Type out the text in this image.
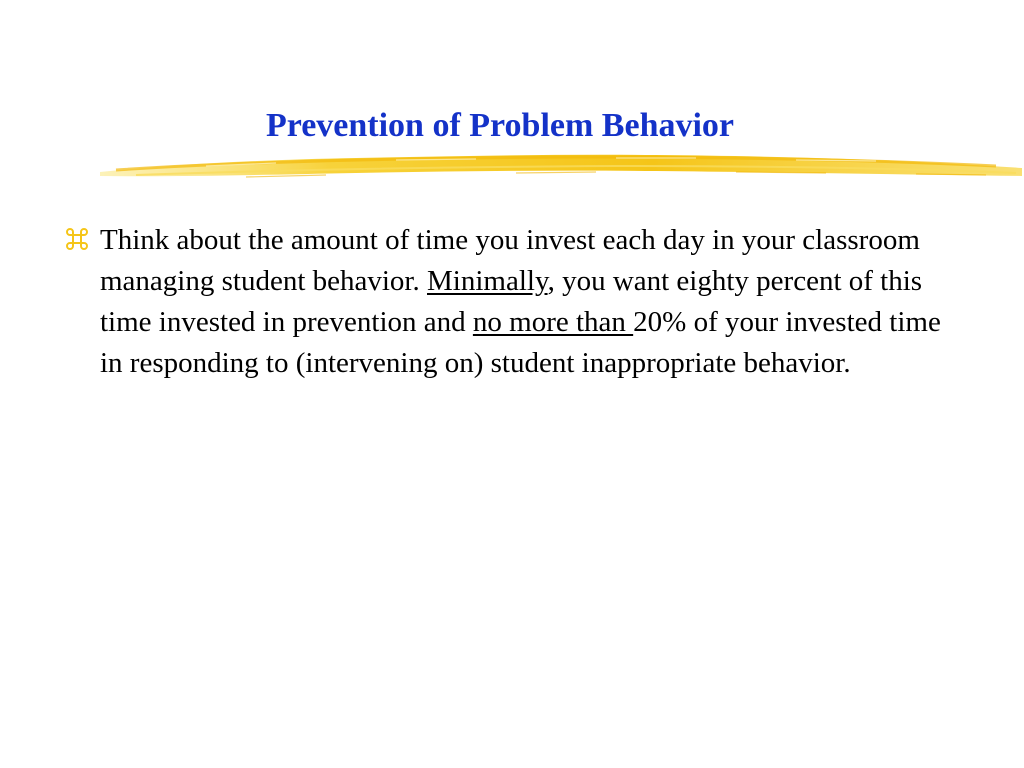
Prevention of Problem Behavior

Think about the amount of time you invest each day in your classroom managing student behavior. Minimally, you want eighty percent of this time invested in prevention and no more than 20% of your invested time in responding to (intervening on) student inappropriate behavior.
